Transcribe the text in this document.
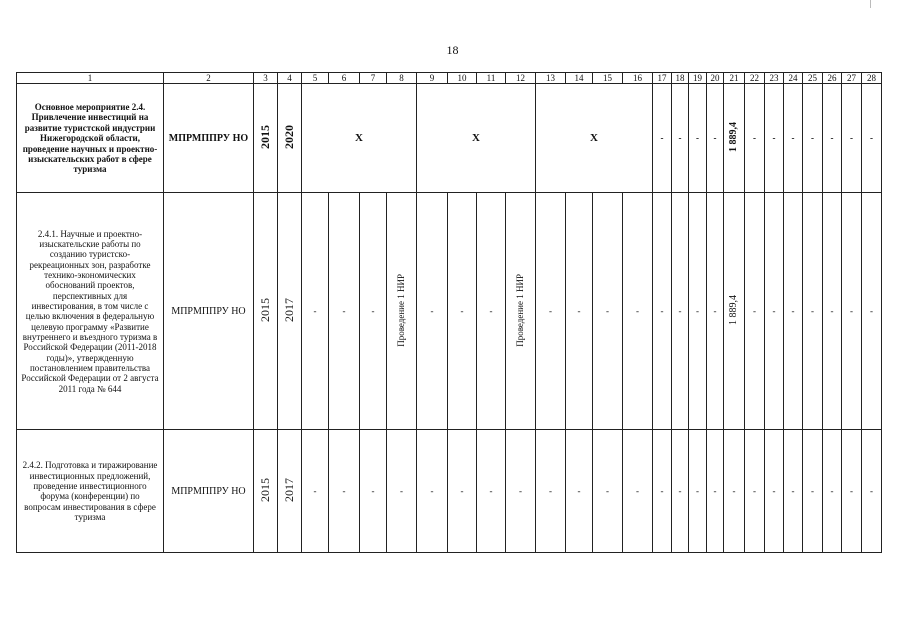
18
1	2	3	4	5	6	7	8	9	10	11	12	13	14	15	16	17	18	19	20	21	22	23	24	25	26	27	28
Основное мероприятие 2.4. Привлечение инвестиций на развитие туристской индустрии Нижегородской области, проведение научных и проектно-изыскательских работ в сфере туризма	МПРМППРУ НО	2015	2020	Х				Х				Х				-	-	-	-	1 889,4	-	-	-	-	-	-	-
2.4.1. Научные и проектно-изыскательские работы по созданию туристско-рекреационных зон, разработке технико-экономических обоснований проектов, перспективных для инвестирования, в том числе с целью включения в федеральную целевую программу «Развитие внутреннего и въездного туризма в Российской Федерации (2011-2018 годы)», утвержденную постановлением правительства Российской Федерации от 2 августа 2011 года № 644	МПРМППРУ НО	2015	2017	-	-	-	Проведение 1 НИР	-	-	-	Проведение 1 НИР	-	-	-	-	-	-	-	-	1 889,4	-	-	-	-	-	-	-
2.4.2. Подготовка и тиражирование инвестиционных предложений, проведение инвестиционного форума (конференции) по вопросам инвестирования в сфере туризма	МПРМППРУ НО	2015	2017	-	-	-	-	-	-	-	-	-	-	-	-	-	-	-	-	-	-	-	-	-	-	-	-
